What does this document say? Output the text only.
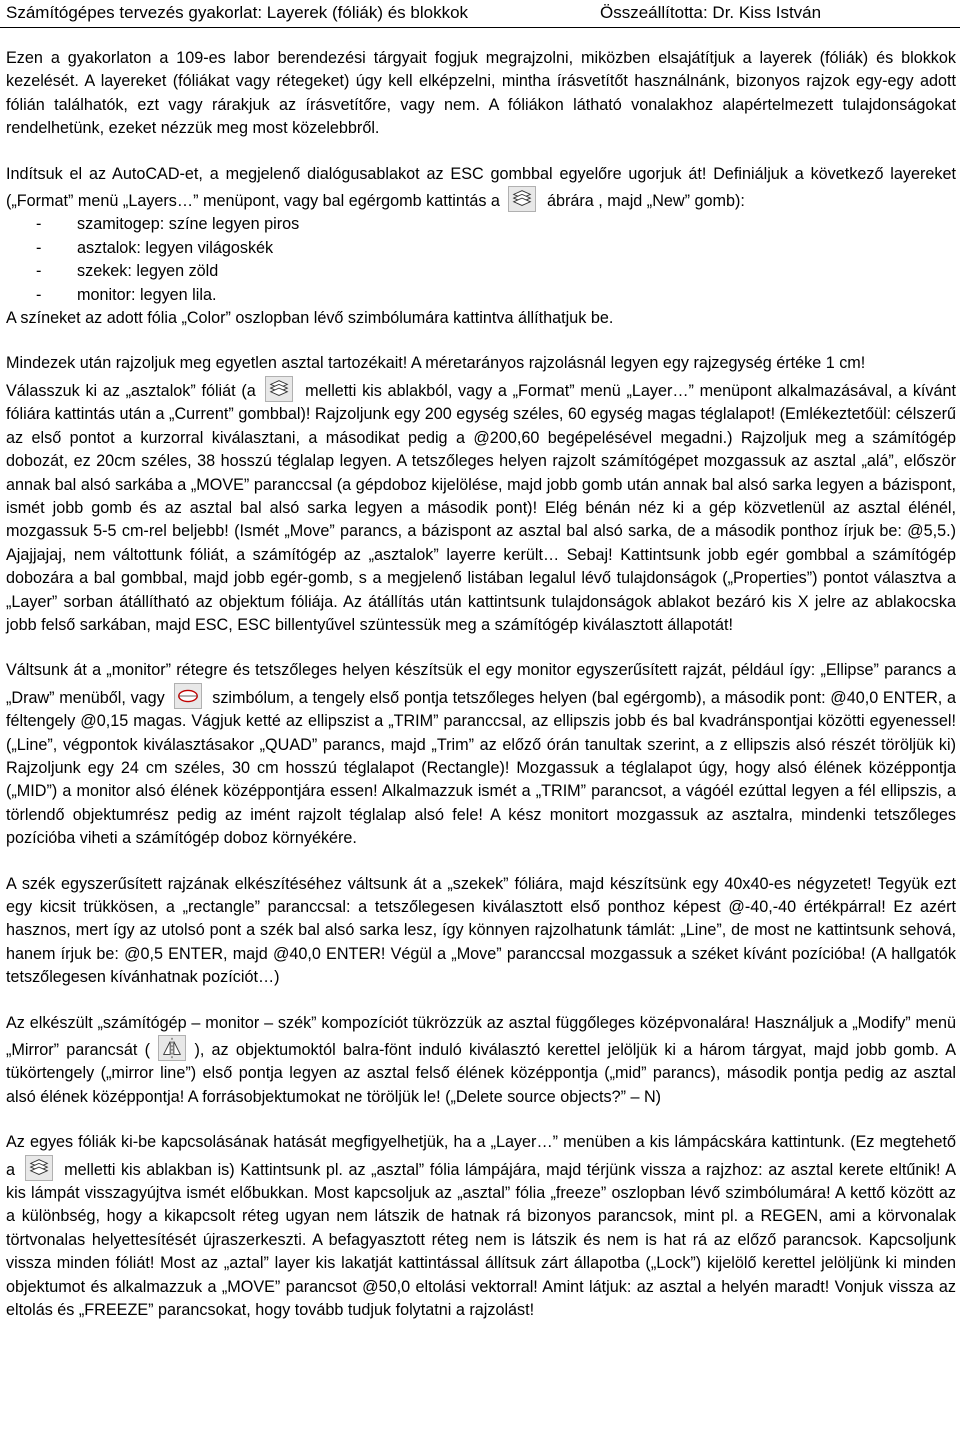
Számítógépes tervezés gyakorlat: Layerek (fóliák) és blokkok	Összeállította: Dr. Kiss István

Ezen a gyakorlaton a 109-es labor berendezési tárgyait fogjuk megrajzolni, miközben elsajátítjuk a layerek (fóliák) és blokkok kezelését. A layereket (fóliákat vagy rétegeket) úgy kell elképzelni, mintha írásvetítőt használnánk, bizonyos rajzok egy-egy adott fólián találhatók, ezt vagy rárakjuk az írásvetítőre, vagy nem. A fóliákon látható vonalakhoz alapértelmezett tulajdonságokat rendelhetünk, ezeket nézzük meg most közelebbről.

Indítsuk el az AutoCAD-et, a megjelenő dialógusablakot az ESC gombbal egyelőre ugorjuk át! Definiáljuk a következő layereket („Format” menü „Layers…” menüpont, vagy bal egérgomb kattintás a	ábrára , majd „New” gomb):

- szamitogep: színe legyen piros
- asztalok: legyen világoskék
- szekek: legyen zöld
- monitor: legyen lila.

A színeket az adott fólia „Color” oszlopban lévő szimbólumára kattintva állíthatjuk be.

Mindezek után rajzoljuk meg egyetlen asztal tartozékait! A méretarányos rajzolásnál legyen egy rajzegység értéke 1 cm!

Válasszuk ki az „asztalok” fóliát (a	melletti kis ablakból, vagy a „Format” menü „Layer…” menüpont alkalmazásával, a kívánt fóliára kattintás után a „Current” gombbal)! Rajzoljunk egy 200 egység széles, 60 egység magas téglalapot! (Emlékeztetőül: célszerű az első pontot a kurzorral kiválasztani, a másodikat pedig a @200,60 begépelésével megadni.) Rajzoljuk meg a számítógép dobozát, ez 20cm széles, 38 hosszú téglalap legyen. A tetszőleges helyen rajzolt számítógépet mozgassuk az asztal „alá”, először annak bal alsó sarkába a „MOVE” paranccsal (a gépdoboz kijelölése, majd jobb gomb után annak bal alsó sarka legyen a bázispont, ismét jobb gomb és az asztal bal alsó sarka legyen a második pont)! Elég bénán néz ki a gép közvetlenül az asztal élénél, mozgassuk 5-5 cm-rel beljebb! (Ismét „Move” parancs, a bázispont az asztal bal alsó sarka, de a második ponthoz írjuk be: @5,5.) Ajajjajaj, nem váltottunk fóliát, a számítógép az „asztalok” layerre került… Sebaj! Kattintsunk jobb egér gombbal a számítógép dobozára a bal gombbal, majd jobb egér-gomb, s a megjelenő listában legalul lévő tulajdonságok („Properties”) pontot választva a „Layer” sorban átállítható az objektum fóliája. Az átállítás után kattintsunk tulajdonságok ablakot bezáró kis X jelre az ablakocska jobb felső sarkában, majd ESC, ESC billentyűvel szüntessük meg a számítógép kiválasztott állapotát!

Váltsunk át a „monitor” rétegre és tetszőleges helyen készítsük el egy monitor egyszerűsített rajzát, például így: „Ellipse” parancs a „Draw” menüből, vagy	szimbólum, a tengely első pontja tetszőleges helyen (bal egérgomb), a második pont: @40,0 ENTER, a féltengely @0,15 magas. Vágjuk ketté az ellipszist a „TRIM” paranccsal, az ellipszis jobb és bal kvadránspontjai közötti egyenessel! („Line”, végpontok kiválasztásakor „QUAD” parancs, majd „Trim” az előző órán tanultak szerint, a z ellipszis alsó részét töröljük ki) Rajzoljunk egy 24 cm széles, 30 cm hosszú téglalapot (Rectangle)! Mozgassuk a téglalapot úgy, hogy alsó élének középpontja („MID”) a monitor alsó élének középpontjára essen! Alkalmazzuk ismét a „TRIM” parancsot, a vágóél ezúttal legyen a fél ellipszis, a törlendő objektumrész pedig az imént rajzolt téglalap alsó fele! A kész monitort mozgassuk az asztalra, mindenki tetszőleges pozícióba viheti a számítógép doboz környékére.

A szék egyszerűsített rajzának elkészítéséhez váltsunk át a „szekek” fóliára, majd készítsünk egy 40x40-es négyzetet! Tegyük ezt egy kicsit trükkösen, a „rectangle” paranccsal: a tetszőlegesen kiválasztott első ponthoz képest @-40,-40 értékpárral! Ez azért hasznos, mert így az utolsó pont a szék bal alsó sarka lesz, így könnyen rajzolhatunk támlát: „Line”, de most ne kattintsunk sehová, hanem írjuk be: @0,5 ENTER, majd @40,0 ENTER! Végül a „Move” paranccsal mozgassuk a széket kívánt pozícióba! (A hallgatók tetszőlegesen kívánhatnak pozíciót…)

Az elkészült „számítógép – monitor – szék” kompozíciót tükrözzük az asztal függőleges középvonalára! Használjuk a „Modify” menü „Mirror” parancsát (	), az objektumoktól balra-fönt induló kiválasztó kerettel jelöljük ki a három tárgyat, majd jobb gomb. A tükörtengely („mirror line”) első pontja legyen az asztal felső élének középpontja („mid” parancs), második pontja pedig az asztal alsó élének középpontja! A forrásobjektumokat ne töröljük le! („Delete source objects?” – N)

Az egyes fóliák ki-be kapcsolásának hatását megfigyelhetjük, ha a „Layer…” menüben a kis lámpácskára kattintunk. (Ez megtehető a	melletti kis ablakban is) Kattintsunk pl. az „asztal” fólia lámpájára, majd térjünk vissza a rajzhoz: az asztal kerete eltűnik! A kis lámpát visszagyújtva ismét előbukkan. Most kapcsoljuk az „asztal” fólia „freeze” oszlopban lévő szimbólumára! A kettő között az a különbség, hogy a kikapcsolt réteg ugyan nem látszik de hatnak rá bizonyos parancsok, mint pl. a REGEN, ami a körvonalak törtvonalas helyettesítését újraszerkeszti. A befagyasztott réteg nem is látszik és nem is hat rá az előző parancsok. Kapcsoljunk vissza minden fóliát! Most az „aztal” layer kis lakatját kattintással állítsuk zárt állapotba („Lock”) kijelölő kerettel jelöljünk ki minden objektumot és alkalmazzuk a „MOVE” parancsot @50,0 eltolási vektorral! Amint látjuk: az asztal a helyén maradt! Vonjuk vissza az eltolás és „FREEZE” parancsokat, hogy tovább tudjuk folytatni a rajzolást!
